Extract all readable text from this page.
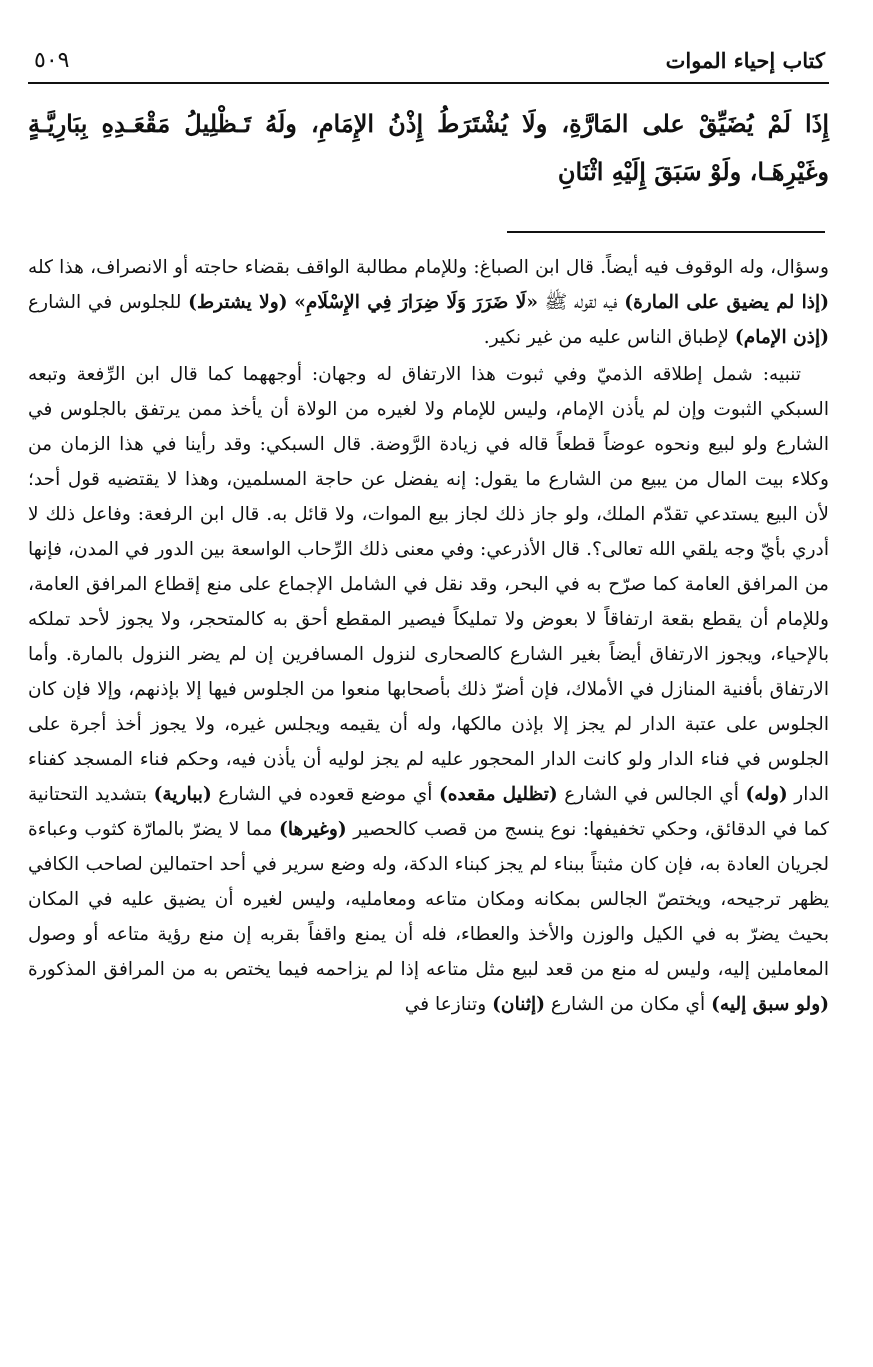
كتاب إحياء الموات
٥٠٩
إِذَا لَمْ يُضَيِّقْ على المَارَّةِ، ولَا يُشْتَرَطُ إِذْنُ الإِمَامِ، ولَهُ تَـظْلِيلُ مَقْعَـدِهِ بِبَارِيَّـةٍ وغَيْرِهَـا، ولَوْ سَبَقَ إِلَيْهِ اثْنَانِ

وسؤال، وله الوقوف فيه أيضاً. قال ابن الصباغ: وللإمام مطالبة الواقف بقضاء حاجته أو الانصراف، هذا كله (إذا لم يضيق على المارة) فيه لقوله ﷺ «لَا ضَرَرَ وَلَا ضِرَارَ فِي الإِسْلَامِ» (ولا يشترط) للجلوس في الشارع (إذن الإمام) لإطباق الناس عليه من غير نكير.

تنبيه: شمل إطلاقه الذميّ وفي ثبوت هذا الارتفاق له وجهان: أوجههما كما قال ابن الرِّفعة وتبعه السبكي الثبوت وإن لم يأذن الإمام، وليس للإمام ولا لغيره من الولاة أن يأخذ ممن يرتفق بالجلوس في الشارع ولو لبيع ونحوه عوضاً قطعاً قاله في زيادة الرَّوضة. قال السبكي: وقد رأينا في هذا الزمان من وكلاء بيت المال من يبيع من الشارع ما يقول: إنه يفضل عن حاجة المسلمين، وهذا لا يقتضيه قول أحد؛ لأن البيع يستدعي تقدّم الملك، ولو جاز ذلك لجاز بيع الموات، ولا قائل به. قال ابن الرفعة: وفاعل ذلك لا أدري بأيّ وجه يلقي الله تعالى؟. قال الأذرعي: وفي معنى ذلك الرِّحاب الواسعة بين الدور في المدن، فإنها من المرافق العامة كما صرّح به في البحر، وقد نقل في الشامل الإجماع على منع إقطاع المرافق العامة، وللإمام أن يقطع بقعة ارتفاقاً لا بعوض ولا تمليكاً فيصير المقطع أحق به كالمتحجر، ولا يجوز لأحد تملكه بالإحياء، ويجوز الارتفاق أيضاً بغير الشارع كالصحارى لنزول المسافرين إن لم يضر النزول بالمارة. وأما الارتفاق بأفنية المنازل في الأملاك، فإن أضرّ ذلك بأصحابها منعوا من الجلوس فيها إلا بإذنهم، وإلا فإن كان الجلوس على عتبة الدار لم يجز إلا بإذن مالكها، وله أن يقيمه ويجلس غيره، ولا يجوز أخذ أجرة على الجلوس في فناء الدار ولو كانت الدار المحجور عليه لم يجز لوليه أن يأذن فيه، وحكم فناء المسجد كفناء الدار (وله) أي الجالس في الشارع (تظليل مقعده) أي موضع قعوده في الشارع (ببارية) بتشديد التحتانية كما في الدقائق، وحكي تخفيفها: نوع ينسج من قصب كالحصير (وغيرها) مما لا يضرّ بالمارّة كثوب وعباءة لجريان العادة به، فإن كان مثبتاً ببناء لم يجز كبناء الدكة، وله وضع سرير في أحد احتمالين لصاحب الكافي يظهر ترجيحه، ويختصّ الجالس بمكانه ومكان متاعه ومعامليه، وليس لغيره أن يضيق عليه في المكان بحيث يضرّ به في الكيل والوزن والأخذ والعطاء، فله أن يمنع واقفاً بقربه إن منع رؤية متاعه أو وصول المعاملين إليه، وليس له منع من قعد لبيع مثل متاعه إذا لم يزاحمه فيما يختص به من المرافق المذكورة (ولو سبق إليه) أي مكان من الشارع (إثنان) وتنازعا في
